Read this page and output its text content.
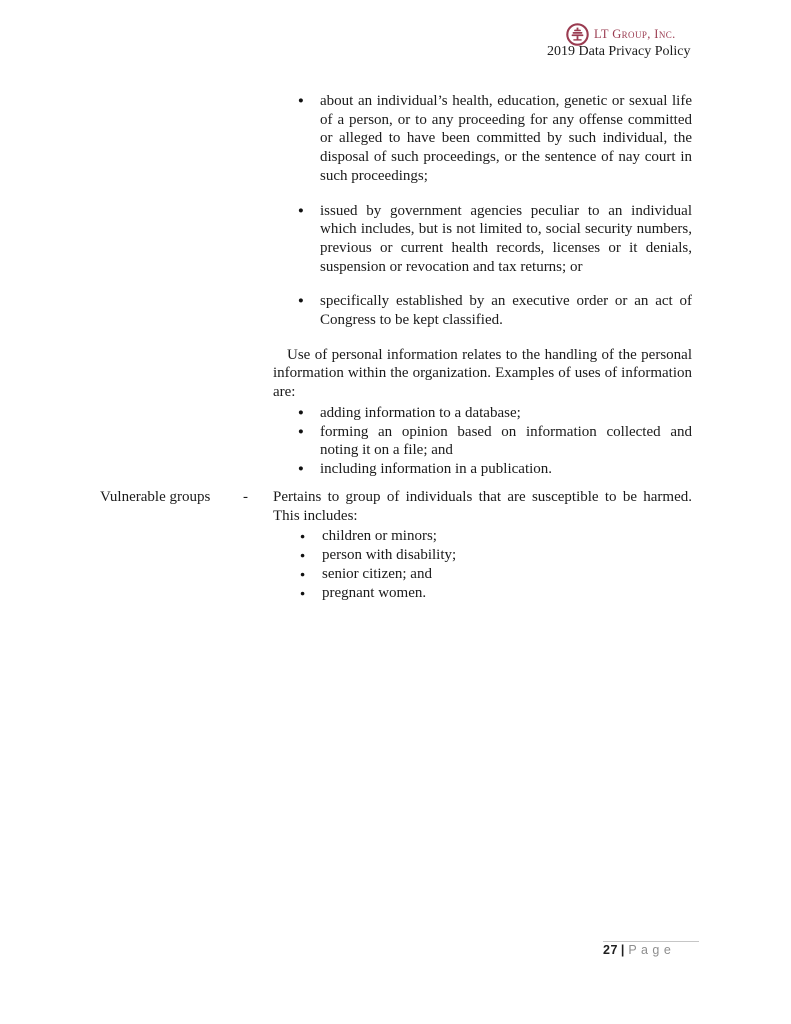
LT Group, Inc.
2019 Data Privacy Policy
●	about an individual’s health, education, genetic or sexual life of a person, or to any proceeding for any offense committed or alleged to have been committed by such individual, the disposal of such proceedings, or the sentence of nay court in such proceedings;
●	issued by government agencies peculiar to an individual which includes, but is not limited to, social security numbers, previous or current health records, licenses or it denials, suspension or revocation and tax returns; or
●	specifically established by an executive order or an act of Congress to be kept classified.

Use of personal information relates to the handling of the personal information within the organization. Examples of uses of information are:

●	adding information to a database;
●	forming an opinion based on information collected and noting it on a file; and
●	including information in a publication.
Vulnerable groups	-	Pertains to group of individuals that are susceptible to be harmed. This includes:

●	children or minors;
●	person with disability;
●	senior citizen; and
●	pregnant women.
27 | P a g e
